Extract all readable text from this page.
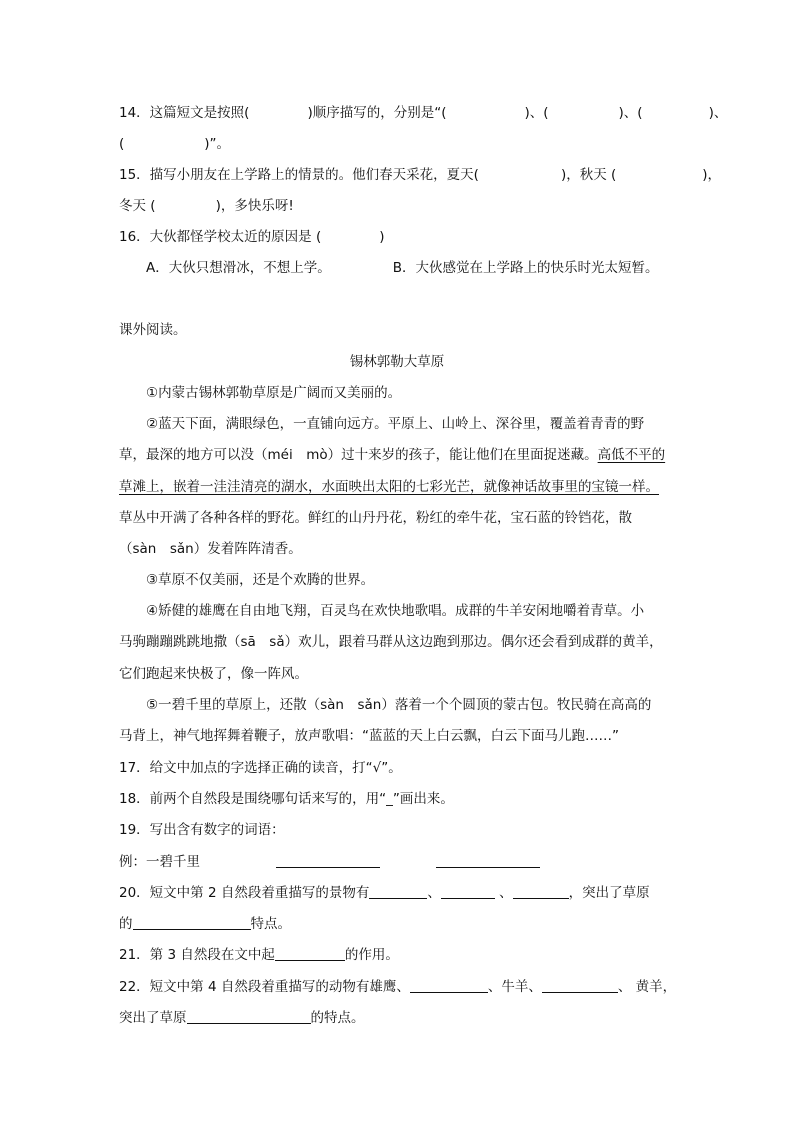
14．这篇短文是按照(	)顺序描写的，分别是“(	)、(	)、(	)、
(	)”。
15．描写小朋友在上学路上的情景的。他们春天采花，夏天(	)，秋天 (	)，
冬天 (	)，多快乐呀!
16．大伙都怪学校太近的原因是 (	)
A．大伙只想滑冰，不想上学。	B．大伙感觉在上学路上的快乐时光太短暂。
课外阅读。
锡林郭勒大草原
①内蒙古锡林郭勒草原是广阔而又美丽的。
②蓝天下面，满眼绿色，一直铺向远方。平原上、山岭上、深谷里，覆盖着青青的野
草，最深的地方可以没（méi　mò）过十来岁的孩子，能让他们在里面捉迷藏。高低不平的
草滩上，嵌着一洼洼清亮的湖水，水面映出太阳的七彩光芒，就像神话故事里的宝镜一样。
草丛中开满了各种各样的野花。鲜红的山丹丹花，粉红的牵牛花，宝石蓝的铃铛花，散
（sàn　sǎn）发着阵阵清香。
③草原不仅美丽，还是个欢腾的世界。
④矫健的雄鹰在自由地飞翔，百灵鸟在欢快地歌唱。成群的牛羊安闲地嚼着青草。小
马驹蹦蹦跳跳地撒（sā　sǎ）欢儿，跟着马群从这边跑到那边。偶尔还会看到成群的黄羊，
它们跑起来快极了，像一阵风。
⑤一碧千里的草原上，还散（sàn　sǎn）落着一个个圆顶的蒙古包。牧民骑在高高的
马背上，神气地挥舞着鞭子，放声歌唱：“蓝蓝的天上白云飘，白云下面马儿跑……”
17．给文中加点的字选择正确的读音，打“√”。
18．前两个自然段是围绕哪句话来写的，用“_”画出来。
19．写出含有数字的词语：
例：一碧千里
20．短文中第 2 自然段着重描写的景物有	、	、	，突出了草原
的	特点。
21．第 3 自然段在文中起	的作用。
22．短文中第 4 自然段着重描写的动物有雄鹰、	、牛羊、	、 黄羊，
突出了草原	的特点。
